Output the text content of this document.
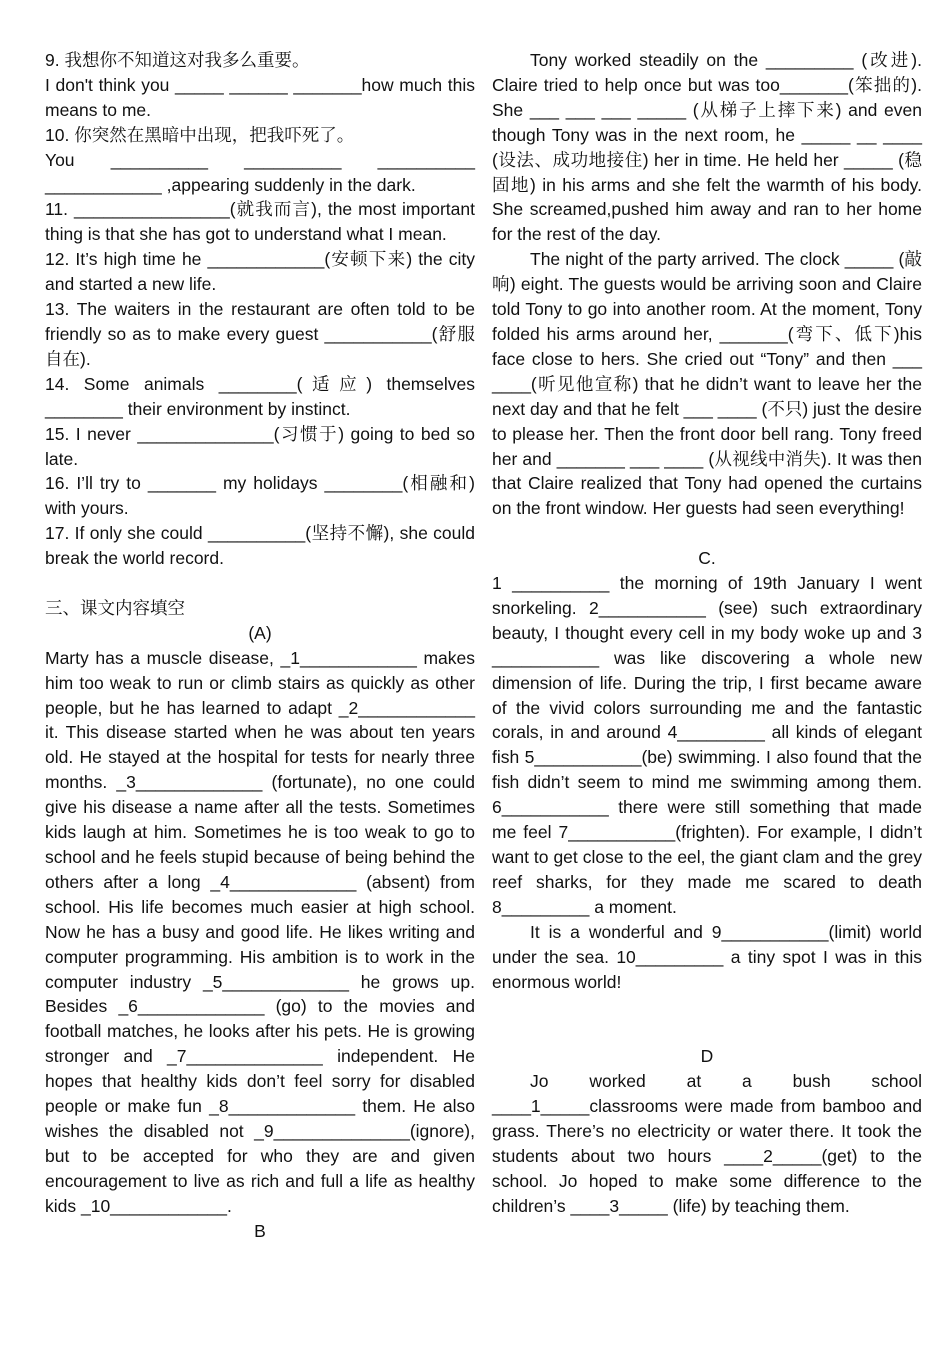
9. 我想你不知道这对我多么重要。

I don't think you _____ ______ _______how much this means to me.

10. 你突然在黑暗中出现，把我吓死了。

You __________ __________ __________ ____________ ,appearing suddenly in the dark.

11. ________________(就我而言), the most important thing is that she has got to understand what I mean.

12. It’s high time he ____________(安顿下来) the city and started a new life.

13. The waiters in the restaurant are often told to be friendly so as to make every guest ___________(舒服自在).

14. Some animals ________(适应) themselves ________ their environment by instinct.

15. I never ______________(习惯于) going to bed so late.

16. I’ll try to _______ my holidays ________(相融和) with yours.

17. If only she could __________(坚持不懈), she could break the world record.

三、课文内容填空

(A)

Marty has a muscle disease, _1____________ makes him too weak to run or climb stairs as quickly as other people, but he has learned to adapt _2____________ it. This disease started when he was about ten years old. He stayed at the hospital for tests for nearly three months. _3_____________ (fortunate), no one could give his disease a name after all the tests. Sometimes kids laugh at him. Sometimes he is too weak to go to school and he feels stupid because of being behind the others after a long _4_____________ (absent) from school. His life becomes much easier at high school. Now he has a busy and good life. He likes writing and computer programming. His ambition is to work in the computer industry _5_____________ he grows up. Besides _6_____________ (go) to the movies and football matches, he looks after his pets. He is growing stronger and _7______________ independent. He hopes that healthy kids don’t feel sorry for disabled people or make fun _8_____________ them. He also wishes the disabled not _9______________(ignore), but to be accepted for who they are and given encouragement to live as rich and full a life as healthy kids _10____________.

B

Tony worked steadily on the _________ (改进). Claire tried to help once but was too_______(笨拙的). She ___ ___ ___ _____ (从梯子上摔下来) and even though Tony was in the next room, he _____ __ ____ (设法、成功地接住) her in time. He held her _____ (稳固地) in his arms and she felt the warmth of his body. She screamed,pushed him away and ran to her home for the rest of the day.

The night of the party arrived. The clock _____ (敲响) eight. The guests would be arriving soon and Claire told Tony to go into another room. At the moment, Tony folded his arms around her, _______(弯下、低下)his face close to hers. She cried out “Tony” and then ___ ____(听见他宣称) that he didn’t want to leave her the next day and that he felt ___ ____ (不只) just the desire to please her. Then the front door bell rang. Tony freed her and _______ ___ ____ (从视线中消失). It was then that Claire realized that Tony had opened the curtains on the front window. Her guests had seen everything!

C.

1 __________ the morning of 19th January I went snorkeling. 2___________ (see) such extraordinary beauty, I thought every cell in my body woke up and 3 ___________ was like discovering a whole new dimension of life. During the trip, I first became aware of the vivid colors surrounding me and the fantastic corals, in and around 4_________ all kinds of elegant fish 5___________(be) swimming. I also found that the fish didn’t seem to mind me swimming among them. 6___________ there were still something that made me feel 7___________(frighten). For example, I didn’t want to get close to the eel, the giant clam and the grey reef sharks, for they made me scared to death 8_________ a moment.

It is a wonderful and 9___________(limit) world under the sea. 10_________ a tiny spot I was in this enormous world!

D

Jo worked at a bush school ____1_____classrooms were made from bamboo and grass. There’s no electricity or water there. It took the students about two hours ____2_____(get) to the school. Jo hoped to make some difference to the children’s ____3_____ (life) by teaching them.
